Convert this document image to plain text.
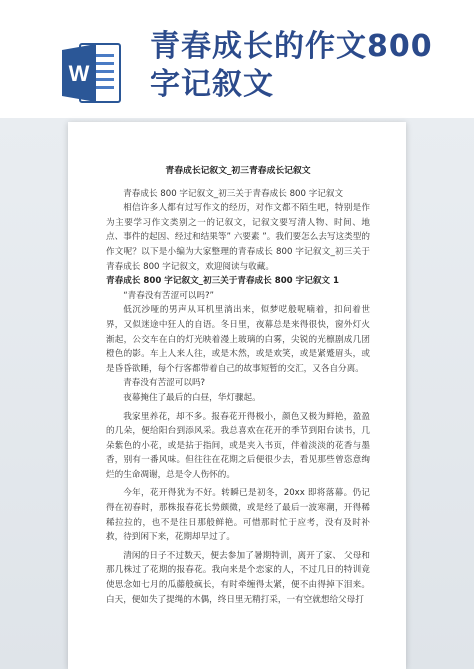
W
青春成长的作文800字记叙文
青春成长记叙文_初三青春成长记叙文

青春成长 800 字记叙文_初三关于青春成长 800 字记叙文

相信许多人都有过写作文的经历，对作文都不陌生吧，特别是作为主要学习作文类别之一的记叙文，记叙文要写清人物、时间、地点、事件的起因、经过和结果等” 六要素 ”。我们要怎么去写这类型的作文呢？以下是小编为大家整理的青春成长 800 字记叙文_初三关于青春成长 800 字记叙文，欢迎阅读与收藏。

青春成长 800 字记叙文_初三关于青春成长 800 字记叙文 1

“青春没有苦涩可以吗?”

低沉沙哑的男声从耳机里淌出来，似梦呓般呢喃着，扣问着世界，又似迷途中狂人的自语。冬日里，夜幕总是来得很快，窗外灯火渐起，公交车在白的灯光映着漫上玻璃的白雾，尖锐的光檩剧成几团橙色的影。车上人来人往，或是木然，或是欢笑，或是紧蹙眉头，或是昏昏欲睡，每个行客都带着自己的故事短暂的交汇，又各自分离。

青春没有苦涩可以吗?

夜幕掩住了最后的白昼，华灯骤起。

我家里养花，却不多。报春花开得极小，颜色又极为鲜艳，盈盈的几朵，便给阳台到添风采。我总喜欢在花开的季节到阳台读书，几朵紫色的小花，或是拈于指间，或是夹入书页，伴着淡淡的花香与墨香，别有一番风味。但往往在花期之后便很少去，看见那些曾恣意绚烂的生命凋谢，总是令人伤怀的。

今年，花开得犹为不好。转瞬已是初冬，20xx 即将落幕。仍记得在初春时，那株报春花长势颇微，或是经了最后一波寒潮，开得稀稀拉拉的，也不是往日那般鲜艳。可惜那时忙于应考，没有及时补救，待到闲下来，花期却早过了。

清闲的日子不过数天，便去参加了暑期特训，离开了家、 父母和那几株过了花期的报春花。我向来是个恋家的人，不过几日的特训竟使思念如七月的瓜藤般疯长，有时牵缠得太紧，便不由得掉下泪来。白天，便如失了提绳的木偶，终日里无精打采，一有空就想给父母打
